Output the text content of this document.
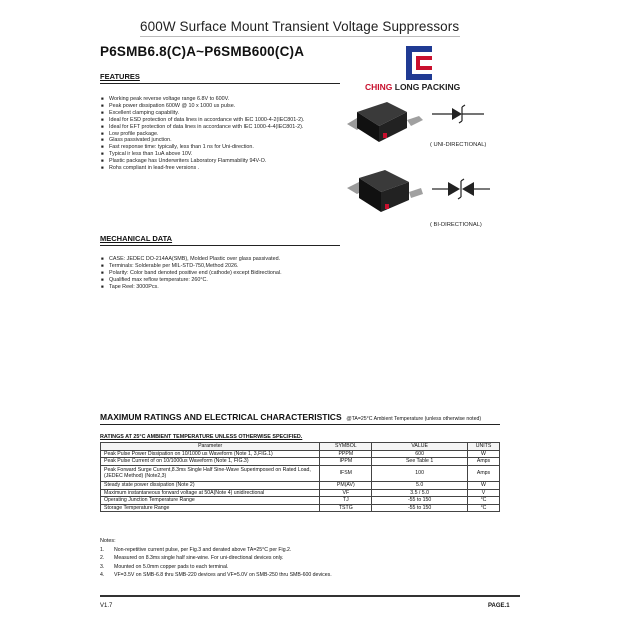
600W Surface Mount Transient Voltage Suppressors
P6SMB6.8(C)A~P6SMB600(C)A
CHING LONG PACKING
FEATURES
■ Working peak reverse voltage range 6.8V to 600V.
■ Peak power dissipation 600W @ 10 x 1000 us pulse.
■ Excellent clamping capability.
■ Ideal for ESD protection of data lines in accordance with IEC 1000-4-2(IEC801-2).
■ Ideal for EFT protection of data lines in accordance with IEC 1000-4-4(IEC801-2).
■ Low profile package.
■ Glass passivated junction.
■ Fast response time: typically, less than 1 ns for Uni-direction.
■ Typical ir less than 1uA above 10V.
■ Plastic package has Underwriters Laboratory Flammability 94V-O.
■ Rohs compliant in lead-free versions .
MECHANICAL DATA
■ CASE: JEDEC DO-214AA(SMB), Molded Plastic over glass passivated.
■ Terminals: Solderable per MIL-STD-750,Method 2026.
■ Polarity: Color band denoted positive end (cathode) except Bidirectional.
■ Qualified max reflow temperature: 260°C.
■ Tape Reel: 3000Pcs.
( UNI-DIRECTIONAL)
( BI-DIRECTIONAL)
MAXIMUM RATINGS AND ELECTRICAL CHARACTERISTICS @TA=25°C Ambient Temperature (unless otherwise noted)
RATINGS AT 25°C AMBIENT TEMPERATURE UNLESS OTHERWISE SPECIFIED.
Parameter	SYMBOL	VALUE	UNITS
Peak Pulse Power Dissipation on 10/1000 us Waveform (Note 1, 3,FIG.1)	PPPM	600	W
Peak Pulse Current of on 10/1000us Waveform (Note 1, FIG.3)	IPPM	See Table 1	Amps
Peak Forward Surge Current,8.3ms Single Half Sine-Wave Superimposed on Rated Load,(JEDEC Method) (Note2,3)	IFSM	100	Amps
Steady state power dissipation (Note 2)	PM(AV)	5.0	W
Maximum instantaneous forward voltage at 50A(Note 4) unidirectional	VF	3.5 / 5.0	V
Operating Junction Temperature Range	TJ	-55 to 150	°C
Storage Temperature Range	TSTG	-55 to 150	°C
Notes:
1. Non-repetitive current pulse, per Fig.3 and derated above TA=25°C per Fig.2.
2. Measured on 8.3ms single half sine-wine. For uni-directional devices only.
3. Mounted on 5.0mm copper pads to each terminal.
4. VF=3.5V on SMB-6.8 thru SMB-220 devices and VF=5.0V on SMB-250 thru SMB-600 devices.
V1.7	PAGE.1
